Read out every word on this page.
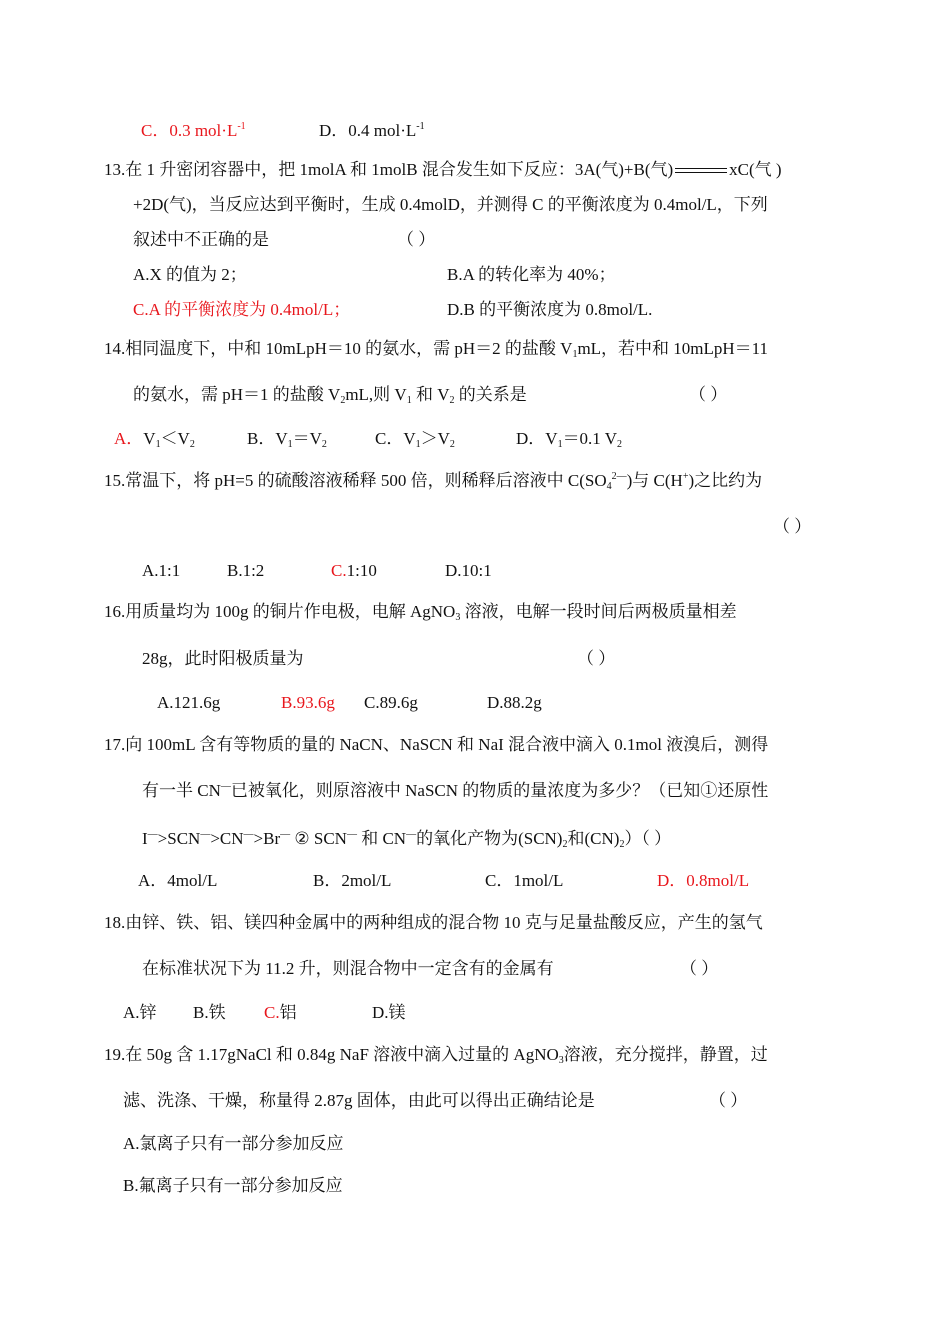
C．0.3 $mol\cdot L^{-1}$	D．0.4 $mol\cdot L^{-1}$
13.在 1 升密闭容器中，把 1molA 和 1molB 混合发生如下反应：3A(气)+B(气)	xC(气 )
+2D(气)，当反应达到平衡时，生成 0.4molD，并测得 C 的平衡浓度为 0.4mol/L，下列
叙述中不正确的是	（ ）
A.X 的值为 2；	B.A 的转化率为 40%；
C.A 的平衡浓度为 0.4mol/L；	D.B 的平衡浓度为 0.8mol/L.
14.相同温度下，中和 10mLpH＝10 的氨水，需 pH＝2 的盐酸 $V_1mL$，若中和 10mLpH＝11
的氨水，需 pH＝1 的盐酸 $V_2mL$,则 $V_1$ 和 $V_2$ 的关系是	（ ）
A．$V_1<V_2$	B．$V_1=V_2$	C．$V_1>V_2$	D．$V_1=0.1$ $V_2$
15.常温下，将 pH=5 的硫酸溶液稀释 500 倍，则稀释后溶液中 $C(SO_4^{2—})$与 C(H+)之比约为
（ ）
A.1:1	B.1:2	C.1:10	D.10:1
16.用质量均为 100g 的铜片作电极，电解 AgNO$_3$ 溶液，电解一段时间后两极质量相差
28g，此时阳极质量为	（ ）
A.121.6g	B.93.6g C.89.6g	D.88.2g
17.向 100mL 含有等物质的量的 NaCN、NaSCN 和 NaI 混合液中滴入 0.1mol 液溴后，测得
有一半 CN—已被氧化，则原溶液中 NaSCN 的物质的量浓度为多少？（已知①还原性
I—>SCN—>CN—>Br— ② SCN— 和 CN—的氧化产物为$(SCN)_2$和$(CN)_2$）（ ）
A．4mol/L	B．2mol/L	C．1mol/L	D．0.8mol/L
18.由锌、铁、铝、镁四种金属中的两种组成的混合物 10 克与足量盐酸反应，产生的氢气
在标准状况下为 11.2 升，则混合物中一定含有的金属有	（ ）
A.锌 B.铁 C.铝	D.镁
19.在 50g 含 1.17gNaCl 和 0.84g NaF 溶液中滴入过量的 AgNO$_3$溶液，充分搅拌，静置，过
滤、洗涤、干燥，称量得 2.87g 固体，由此可以得出正确结论是	（ ）
A.氯离子只有一部分参加反应
B.氟离子只有一部分参加反应
